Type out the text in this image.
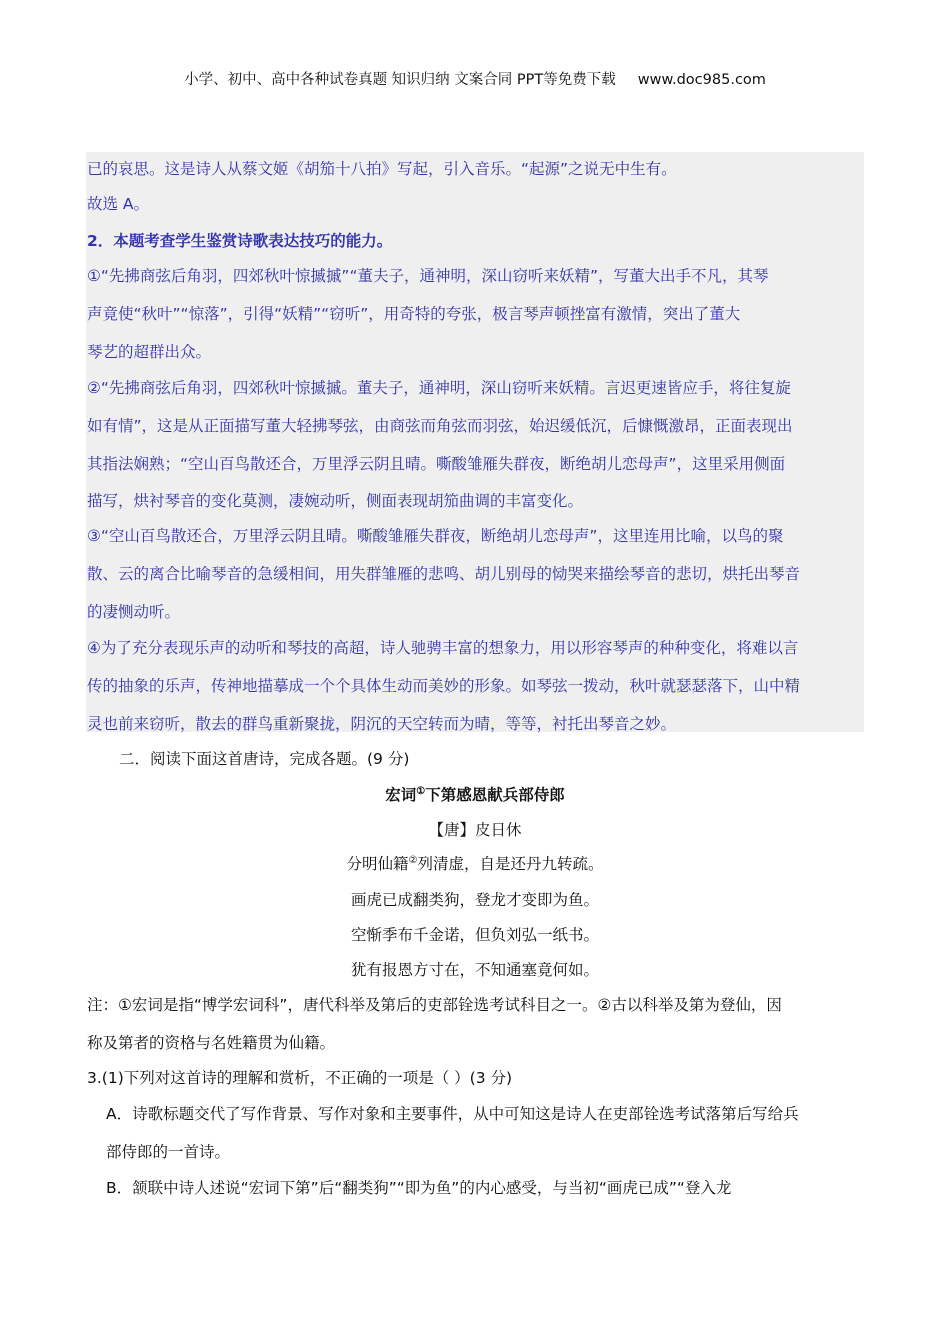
小学、初中、高中各种试卷真题 知识归纳 文案合同 PPT等免费下载 www.doc985.com
已的哀思。这是诗人从蔡文姬《胡笳十八拍》写起，引入音乐。“起源”之说无中生有。
故选 A。
2．本题考查学生鉴赏诗歌表达技巧的能力。
①“先拂商弦后角羽，四郊秋叶惊摵摵”“董夫子，通神明，深山窃听来妖精”，写董大出手不凡，其琴
声竟使“秋叶”“惊落”，引得“妖精”“窃听”，用奇特的夸张，极言琴声顿挫富有激情，突出了董大
琴艺的超群出众。
②“先拂商弦后角羽，四郊秋叶惊摵摵。董夫子，通神明，深山窃听来妖精。言迟更速皆应手，将往复旋
如有情”，这是从正面描写董大轻拂琴弦，由商弦而角弦而羽弦，始迟缓低沉，后慷慨激昂，正面表现出
其指法娴熟；“空山百鸟散还合，万里浮云阴且晴。嘶酸雏雁失群夜，断绝胡儿恋母声”，这里采用侧面
描写，烘衬琴音的变化莫测，凄婉动听，侧面表现胡笳曲调的丰富变化。
③“空山百鸟散还合，万里浮云阴且晴。嘶酸雏雁失群夜，断绝胡儿恋母声”，这里连用比喻，以鸟的聚
散、云的离合比喻琴音的急缓相间，用失群雏雁的悲鸣、胡儿别母的恸哭来描绘琴音的悲切，烘托出琴音
的凄恻动听。
④为了充分表现乐声的动听和琴技的高超，诗人驰骋丰富的想象力，用以形容琴声的种种变化，将难以言
传的抽象的乐声，传神地描摹成一个个具体生动而美妙的形象。如琴弦一拨动，秋叶就瑟瑟落下，山中精
灵也前来窃听，散去的群鸟重新聚拢，阴沉的天空转而为晴，等等，衬托出琴音之妙。
二．阅读下面这首唐诗，完成各题。(9 分)
宏词①下第感恩献兵部侍郎
【唐】皮日休
分明仙籍②列清虚，自是还丹九转疏。
画虎已成翻类狗，登龙才变即为鱼。
空惭季布千金诺，但负刘弘一纸书。
犹有报恩方寸在，不知通塞竟何如。
注：①宏词是指“博学宏词科”，唐代科举及第后的吏部铨选考试科目之一。②古以科举及第为登仙，因
称及第者的资格与名姓籍贯为仙籍。
3.(1)下列对这首诗的理解和赏析，不正确的一项是（ ）(3 分)
A．诗歌标题交代了写作背景、写作对象和主要事件，从中可知这是诗人在吏部铨选考试落第后写给兵
部侍郎的一首诗。
B．颔联中诗人述说“宏词下第”后“翻类狗”“即为鱼”的内心感受，与当初“画虎已成”“登入龙
